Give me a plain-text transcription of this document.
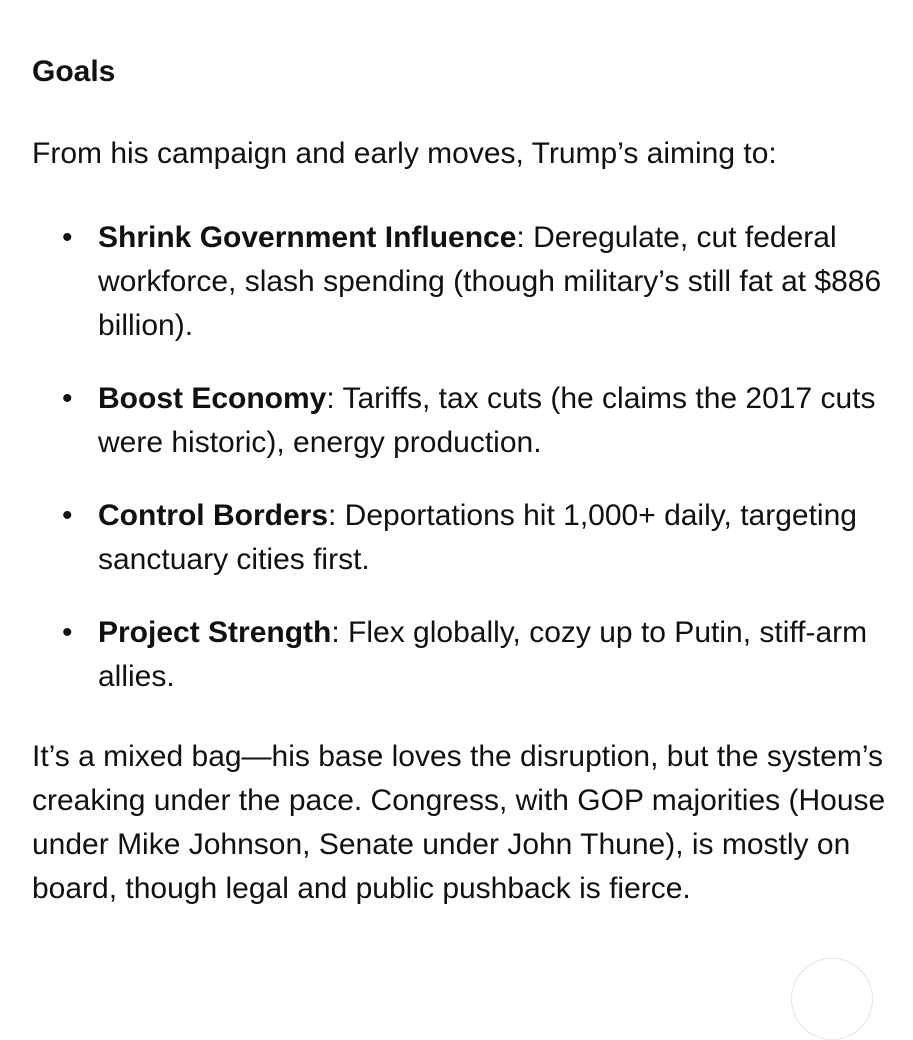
Goals

From his campaign and early moves, Trump’s aiming to:

• Shrink Government Influence: Deregulate, cut federal workforce, slash spending (though military’s still fat at $886 billion).
• Boost Economy: Tariffs, tax cuts (he claims the 2017 cuts were historic), energy production.
• Control Borders: Deportations hit 1,000+ daily, targeting sanctuary cities first.
• Project Strength: Flex globally, cozy up to Putin, stiff-arm allies.

It’s a mixed bag—his base loves the disruption, but the system’s creaking under the pace. Congress, with GOP majorities (House under Mike Johnson, Senate under John Thune), is mostly on board, though legal and public pushback is fierce.
